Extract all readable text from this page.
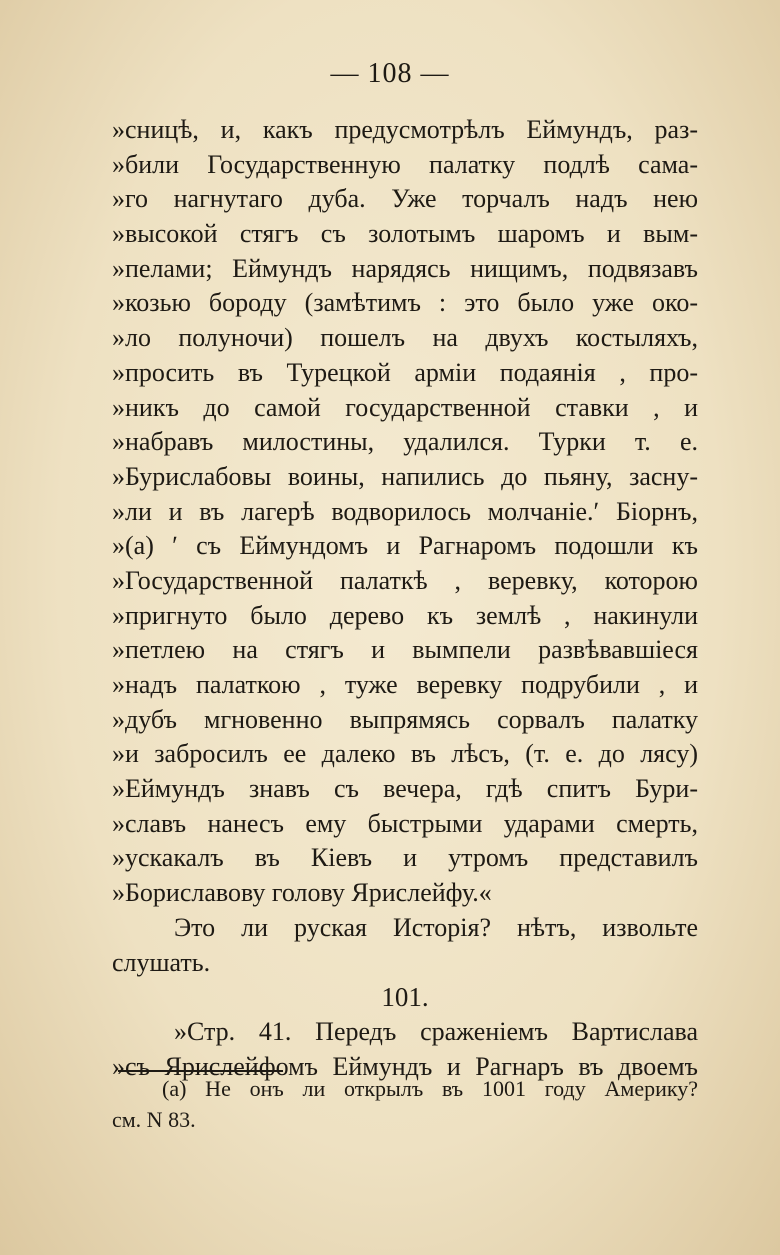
— 108 —
»сницѣ, и, какъ предусмотрѣлъ Еймундъ, раз-
»били Государственную палатку подлѣ сама-
»го нагнутаго дуба. Уже торчалъ надъ нею
»высокой стягъ съ золотымъ шаромъ и вым-
»пелами; Еймундъ нарядясь нищимъ, подвязавъ
»козью бороду (замѣтимъ : это было уже око-
»ло полуночи) пошелъ на двухъ костыляхъ,
»просить въ Турецкой арміи подаянія , про-
»никъ до самой государственной ставки , и
»набравъ милостины, удалился. Турки т. е.
»Бурислабовы воины, напились до пьяну, засну-
»ли и въ лагерѣ водворилось молчаніе.ʹ Біорнъ,
»(а) ʹ съ Еймундомъ и Рагнаромъ подошли къ
»Государственной палаткѣ , веревку, которою
»пригнуто было дерево къ землѣ , накинули
»петлею на стягъ и вымпели развѣвавшіеся
»надъ палаткою , туже веревку подрубили , и
»дубъ мгновенно выпрямясь сорвалъ палатку
»и забросилъ ее далеко въ лѣсъ, (т. е. до лясу)
»Еймундъ знавъ съ вечера, гдѣ спитъ Бури-
»славъ нанесъ ему быстрыми ударами смерть,
»ускакалъ въ Кіевъ и утромъ представилъ
»Бориславову голову Ярислейфу.«
Это ли руская Исторія? нѣтъ, извольте
слушать.
101.
»Стр. 41. Передъ сраженіемъ Вартислава
»съ Ярислейфомъ Еймундъ и Рагнаръ въ двоемъ
(а) Не онъ ли открылъ въ 1001 году Америку?
см. N 83.
